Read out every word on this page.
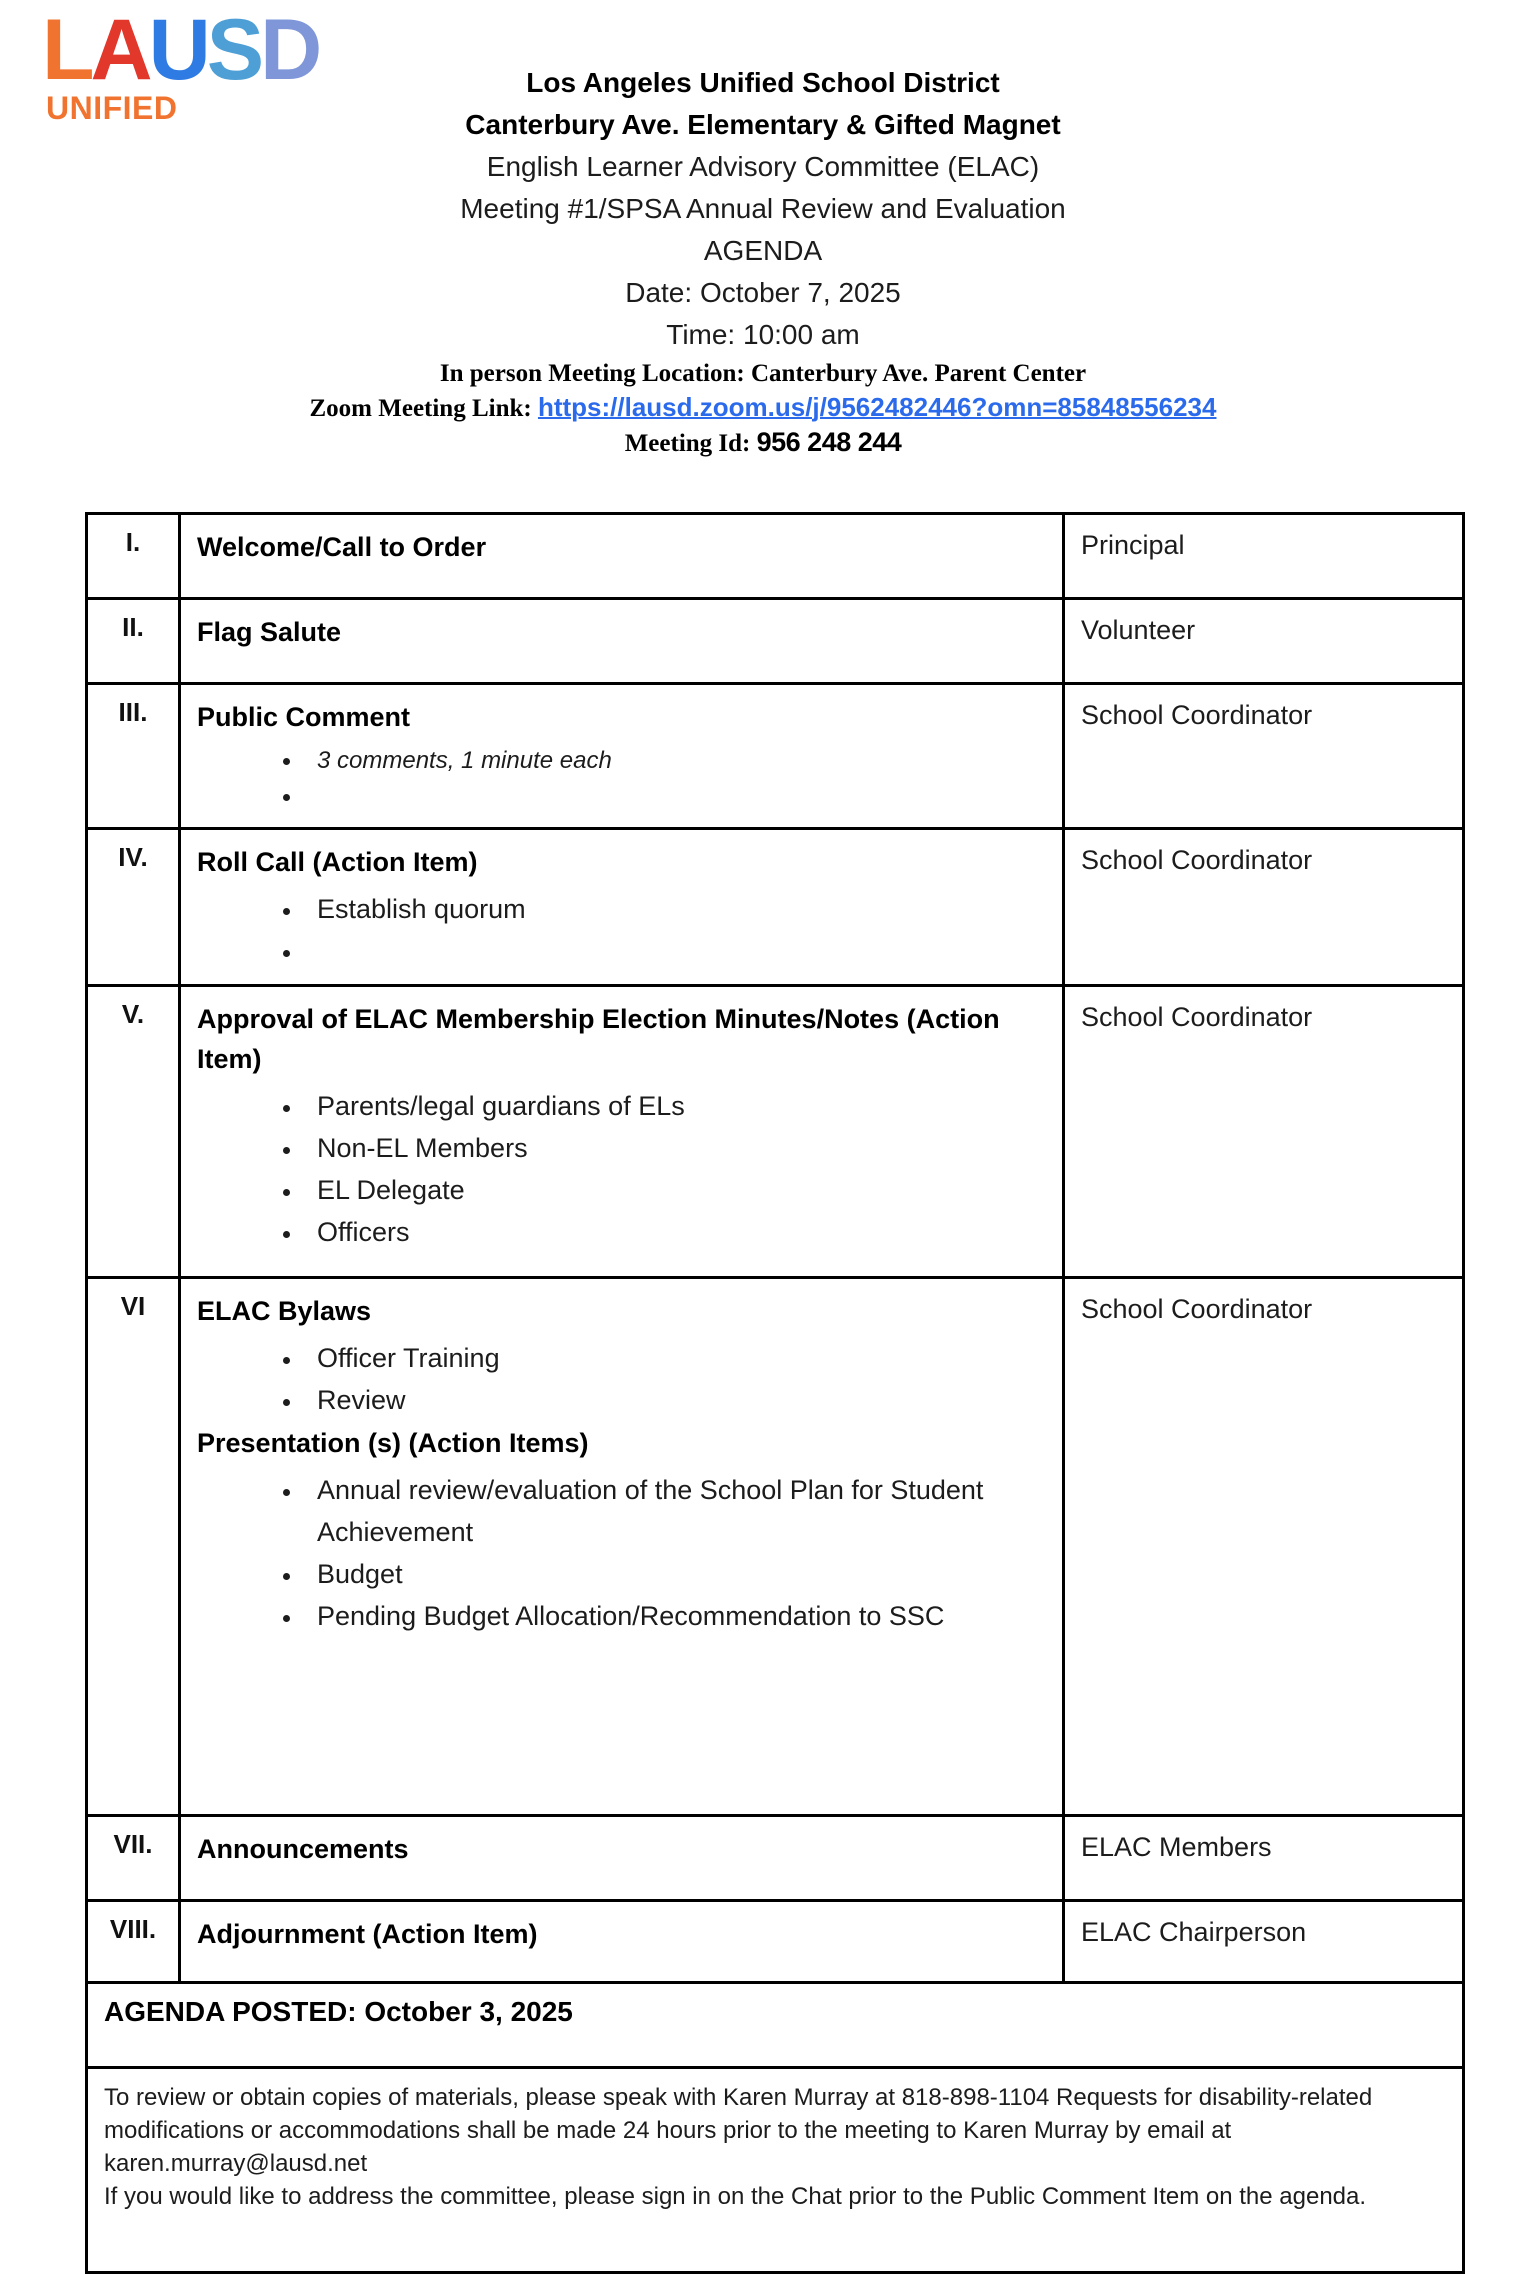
LAUSD
UNIFIED
Los Angeles Unified School District
Canterbury Ave. Elementary & Gifted Magnet
English Learner Advisory Committee (ELAC)
Meeting #1/SPSA Annual Review and Evaluation
AGENDA
Date: October 7, 2025
Time: 10:00 am
In person Meeting Location: Canterbury Ave. Parent Center
Zoom Meeting Link: https://lausd.zoom.us/j/9562482446?omn=85848556234
Meeting Id: 956 248 244
I.	Welcome/Call to Order	Principal
II.	Flag Salute	Volunteer
III.	Public Comment
• 3 comments, 1 minute each
•
	School Coordinator
IV.	Roll Call (Action Item)
• Establish quorum
•
	School Coordinator
V.	Approval of ELAC Membership Election Minutes/Notes (Action Item)
• Parents/legal guardians of ELs
• Non-EL Members
• EL Delegate
• Officers
	School Coordinator
VI	ELAC Bylaws
• Officer Training
• Review
Presentation (s) (Action Items)
• Annual review/evaluation of the School Plan for Student Achievement
• Budget
• Pending Budget Allocation/Recommendation to SSC
	School Coordinator
VII.	Announcements	ELAC Members
VIII.	Adjournment (Action Item)	ELAC Chairperson
AGENDA POSTED: October 3, 2025		

To review or obtain copies of materials, please speak with Karen Murray at 818-898-1104 Requests for disability-related modifications or accommodations shall be made 24 hours prior to the meeting to Karen Murray by email at karen.murray@lausd.net

If you would like to address the committee, please sign in on the Chat prior to the Public Comment Item on the agenda.		
